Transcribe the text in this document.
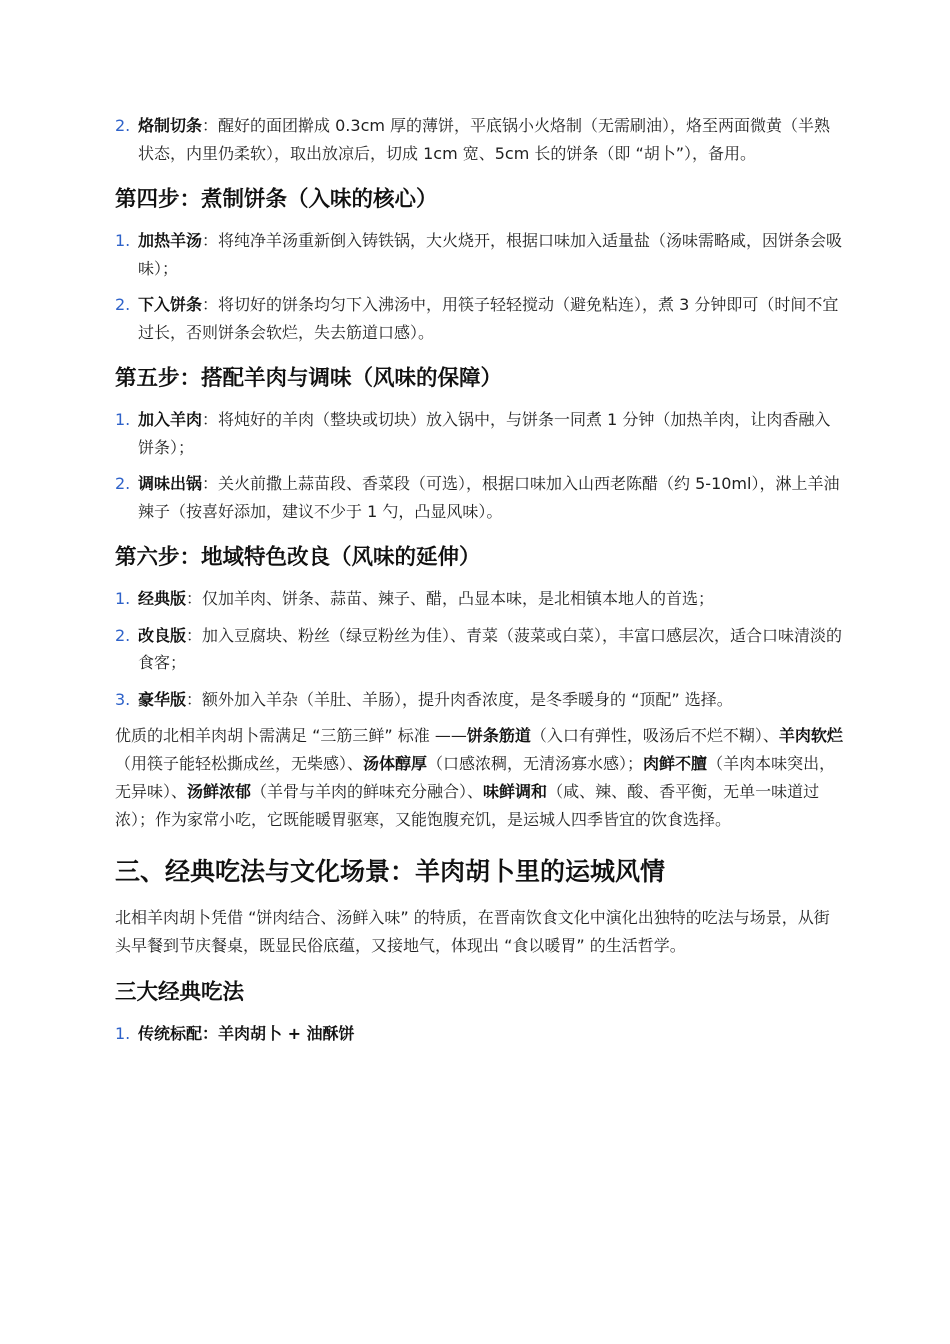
2. 烙制切条：醒好的面团擀成 0.3cm 厚的薄饼，平底锅小火烙制（无需刷油），烙至两面微黄（半熟状态，内里仍柔软），取出放凉后，切成 1cm 宽、5cm 长的饼条（即 “胡卜”），备用。
第四步：煮制饼条（入味的核心）
1. 加热羊汤：将纯净羊汤重新倒入铸铁锅，大火烧开，根据口味加入适量盐（汤味需略咸，因饼条会吸味）；
2. 下入饼条：将切好的饼条均匀下入沸汤中，用筷子轻轻搅动（避免粘连），煮 3 分钟即可（时间不宜过长，否则饼条会软烂，失去筋道口感）。
第五步：搭配羊肉与调味（风味的保障）
1. 加入羊肉：将炖好的羊肉（整块或切块）放入锅中，与饼条一同煮 1 分钟（加热羊肉，让肉香融入饼条）；
2. 调味出锅：关火前撒上蒜苗段、香菜段（可选），根据口味加入山西老陈醋（约 5-10ml），淋上羊油辣子（按喜好添加，建议不少于 1 勺，凸显风味）。
第六步：地域特色改良（风味的延伸）
1. 经典版：仅加羊肉、饼条、蒜苗、辣子、醋，凸显本味，是北相镇本地人的首选；
2. 改良版：加入豆腐块、粉丝（绿豆粉丝为佳）、青菜（菠菜或白菜），丰富口感层次，适合口味清淡的食客；
3. 豪华版：额外加入羊杂（羊肚、羊肠），提升肉香浓度，是冬季暖身的 “顶配” 选择。

优质的北相羊肉胡卜需满足 “三筋三鲜” 标准 ——饼条筋道（入口有弹性，吸汤后不烂不糊）、羊肉软烂（用筷子能轻松撕成丝，无柴感）、汤体醇厚（口感浓稠，无清汤寡水感）；肉鲜不膻（羊肉本味突出，无异味）、汤鲜浓郁（羊骨与羊肉的鲜味充分融合）、味鲜调和（咸、辣、酸、香平衡，无单一味道过浓）；作为家常小吃，它既能暖胃驱寒，又能饱腹充饥，是运城人四季皆宜的饮食选择。

三、经典吃法与文化场景：羊肉胡卜里的运城风情

北相羊肉胡卜凭借 “饼肉结合、汤鲜入味” 的特质，在晋南饮食文化中演化出独特的吃法与场景，从街头早餐到节庆餐桌，既显民俗底蕴，又接地气，体现出 “食以暖胃” 的生活哲学。

三大经典吃法
1. 传统标配：羊肉胡卜 + 油酥饼
